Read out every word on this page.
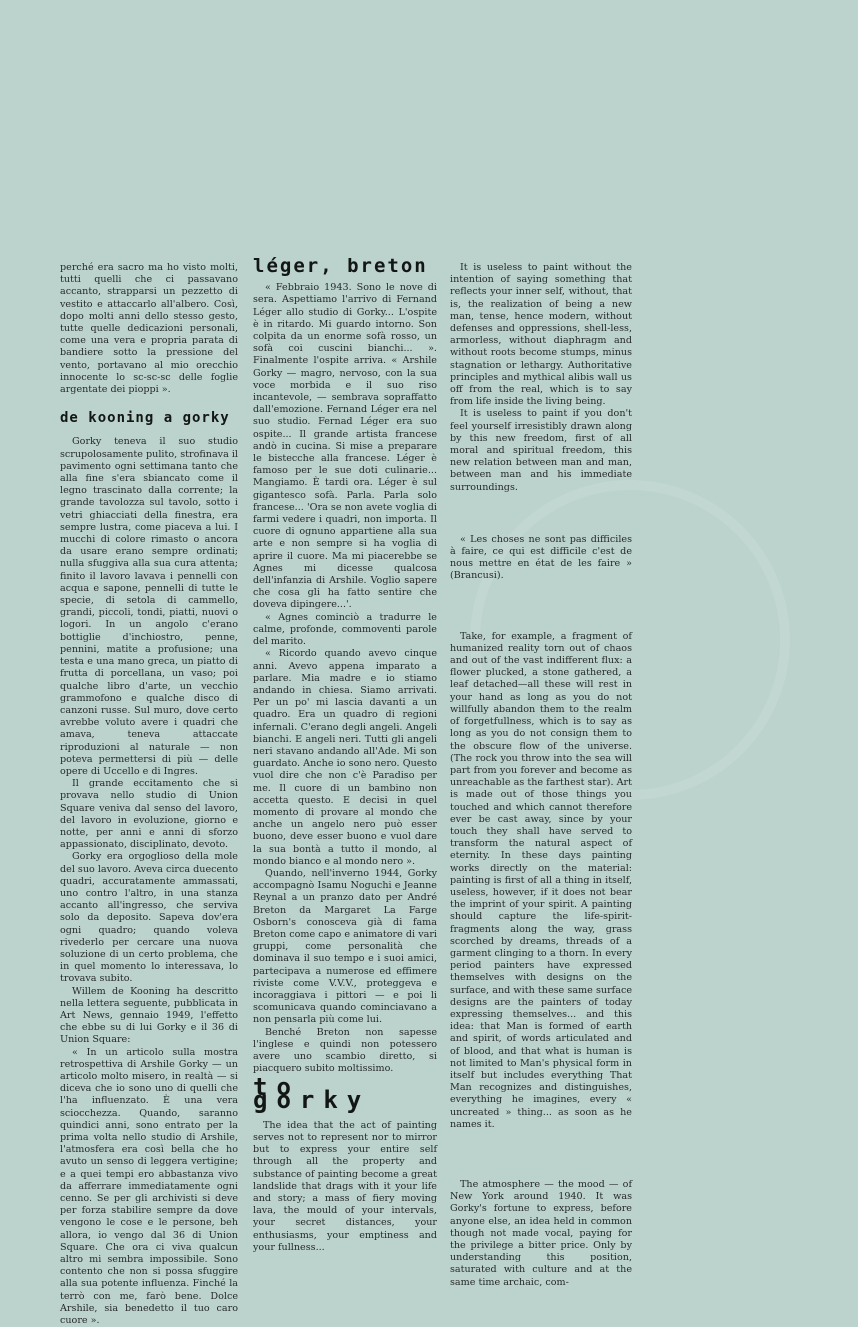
perché era sacro ma ho visto molti, tutti quelli che ci passavano accanto, strapparsi un pezzetto di vestito e attaccarlo all'albero. Così, dopo molti anni dello stesso gesto, tutte quelle dedicazioni personali, come una vera e propria parata di bandiere sotto la pressione del vento, portavano al mio orecchio innocente lo sc-sc-sc delle foglie argentate dei pioppi ».

de kooning a gorky

Gorky teneva il suo studio scrupolosamente pulito, strofinava il pavimento ogni settimana tanto che alla fine s'era sbiancato come il legno trascinato dalla corrente; la grande tavolozza sul tavolo, sotto i vetri ghiacciati della finestra, era sempre lustra, come piaceva a lui. I mucchi di colore rimasto o ancora da usare erano sempre ordinati; nulla sfuggiva alla sua cura attenta; finito il lavoro lavava i pennelli con acqua e sapone, pennelli di tutte le specie, di setola di cammello, grandi, piccoli, tondi, piatti, nuovi o logori. In un angolo c'erano bottiglie d'inchiostro, penne, pennini, matite a profusione; una testa e una mano greca, un piatto di frutta di porcellana, un vaso; poi qualche libro d'arte, un vecchio grammofono e qualche disco di canzoni russe. Sul muro, dove certo avrebbe voluto avere i quadri che amava, teneva attaccate riproduzioni al naturale — non poteva permettersi di più — delle opere di Uccello e di Ingres.

Il grande eccitamento che si provava nello studio di Union Square veniva dal senso del lavoro, del lavoro in evoluzione, giorno e notte, per anni e anni di sforzo appassionato, disciplinato, devoto.

Gorky era orgoglioso della mole del suo lavoro. Aveva circa duecento quadri, accuratamente ammassati, uno contro l'altro, in una stanza accanto all'ingresso, che serviva solo da deposito. Sapeva dov'era ogni quadro; quando voleva rivederlo per cercare una nuova soluzione di un certo problema, che in quel momento lo interessava, lo trovava subito.

Willem de Kooning ha descritto nella lettera seguente, pubblicata in Art News, gennaio 1949, l'effetto che ebbe su di lui Gorky e il 36 di Union Square:

« In un articolo sulla mostra retrospettiva di Arshile Gorky — un articolo molto misero, in realtà — si diceva che io sono uno di quelli che l'ha influenzato. È una vera sciocchezza. Quando, saranno quindici anni, sono entrato per la prima volta nello studio di Arshile, l'atmosfera era così bella che ho avuto un senso di leggera vertigine; e a quei tempi ero abbastanza vivo da afferrare immediatamente ogni cenno. Se per gli archivisti si deve per forza stabilire sempre da dove vengono le cose e le persone, beh allora, io vengo dal 36 di Union Square. Che ora ci viva qualcun altro mi sembra impossibile. Sono contento che non si possa sfuggire alla sua potente influenza. Finché la terrò con me, farò bene. Dolce Arshile, sia benedetto il tuo caro cuore ».

léger, breton

« Febbraio 1943. Sono le nove di sera. Aspettiamo l'arrivo di Fernand Léger allo studio di Gorky... L'ospite è in ritardo. Mi guardo intorno. Son colpita da un enorme sofà rosso, un sofà coi cuscini bianchi... ». Finalmente l'ospite arriva. « Arshile Gorky — magro, nervoso, con la sua voce morbida e il suo riso incantevole, — sembrava sopraffatto dall'emozione. Fernand Léger era nel suo studio. Fernad Léger era suo ospite... Il grande artista francese andò in cucina. Si mise a preparare le bistecche alla francese. Léger è famoso per le sue doti culinarie... Mangiamo. È tardi ora. Léger è sul gigantesco sofà. Parla. Parla solo francese... 'Ora se non avete voglia di farmi vedere i quadri, non importa. Il cuore di ognuno appartiene alla sua arte e non sempre si ha voglia di aprire il cuore. Ma mi piacerebbe se Agnes mi dicesse qualcosa dell'infanzia di Arshile. Voglio sapere che cosa gli ha fatto sentire che doveva dipingere...'.

« Agnes cominciò a tradurre le calme, profonde, commoventi parole del marito.

« Ricordo quando avevo cinque anni. Avevo appena imparato a parlare. Mia madre e io stiamo andando in chiesa. Siamo arrivati. Per un po' mi lascia davanti a un quadro. Era un quadro di regioni infernali. C'erano degli angeli. Angeli bianchi. E angeli neri. Tutti gli angeli neri stavano andando all'Ade. Mi son guardato. Anche io sono nero. Questo vuol dire che non c'è Paradiso per me. Il cuore di un bambino non accetta questo. E decisi in quel momento di provare al mondo che anche un angelo nero può esser buono, deve esser buono e vuol dare la sua bontà a tutto il mondo, al mondo bianco e al mondo nero ».

Quando, nell'inverno 1944, Gorky accompagnò Isamu Noguchi e Jeanne Reynal a un pranzo dato per André Breton da Margaret La Farge Osborn's conosceva già di fama Breton come capo e animatore di vari gruppi, come personalità che dominava il suo tempo e i suoi amici, partecipava a numerose ed effimere riviste come V.V.V., proteggeva e incoraggiava i pittori — e poi li scomunicava quando cominciavano a non pensarla più come lui.

Benché Breton non sapesse l'inglese e quindi non potessero avere uno scambio diretto, si piacquero subito moltissimo.

to gorky

The idea that the act of painting serves not to represent nor to mirror but to express your entire self through all the property and substance of painting become a great landslide that drags with it your life and story; a mass of fiery moving lava, the mould of your intervals, your secret distances, your enthusiasms, your emptiness and your fullness...

It is useless to paint without the intention of saying something that reflects your inner self, without, that is, the realization of being a new man, tense, hence modern, without defenses and oppressions, shell-less, armorless, without diaphragm and without roots become stumps, minus stagnation or lethargy. Authoritative principles and mythical alibis wall us off from the real, which is to say from life inside the living being.

It is useless to paint if you don't feel yourself irresistibly drawn along by this new freedom, first of all moral and spiritual freedom, this new relation between man and man, between man and his immediate surroundings.

« Les choses ne sont pas difficiles à faire, ce qui est difficile c'est de nous mettre en état de les faire » (Brancusi).

Take, for example, a fragment of humanized reality torn out of chaos and out of the vast indifferent flux: a flower plucked, a stone gathered, a leaf detached—all these will rest in your hand as long as you do not willfully abandon them to the realm of forgetfullness, which is to say as long as you do not consign them to the obscure flow of the universe. (The rock you throw into the sea will part from you forever and become as unreachable as the farthest star). Art is made out of those things you touched and which cannot therefore ever be cast away, since by your touch they shall have served to transform the natural aspect of eternity. In these days painting works directly on the material: painting is first of all a thing in itself, useless, however, if it does not bear the imprint of your spirit. A painting should capture the life-spirit-fragments along the way, grass scorched by dreams, threads of a garment clinging to a thorn. In every period painters have expressed themselves with designs on the surface, and with these same surface designs are the painters of today expressing themselves... and this idea: that Man is formed of earth and spirit, of words articulated and of blood, and that what is human is not limited to Man's physical form in itself but includes everything That Man recognizes and distinguishes, everything he imagines, every « uncreated » thing... as soon as he names it.

The atmosphere — the mood — of New York around 1940. It was Gorky's fortune to express, before anyone else, an idea held in common though not made vocal, paying for the privilege a bitter price. Only by understanding this position, saturated with culture and at the same time archaic, com-
